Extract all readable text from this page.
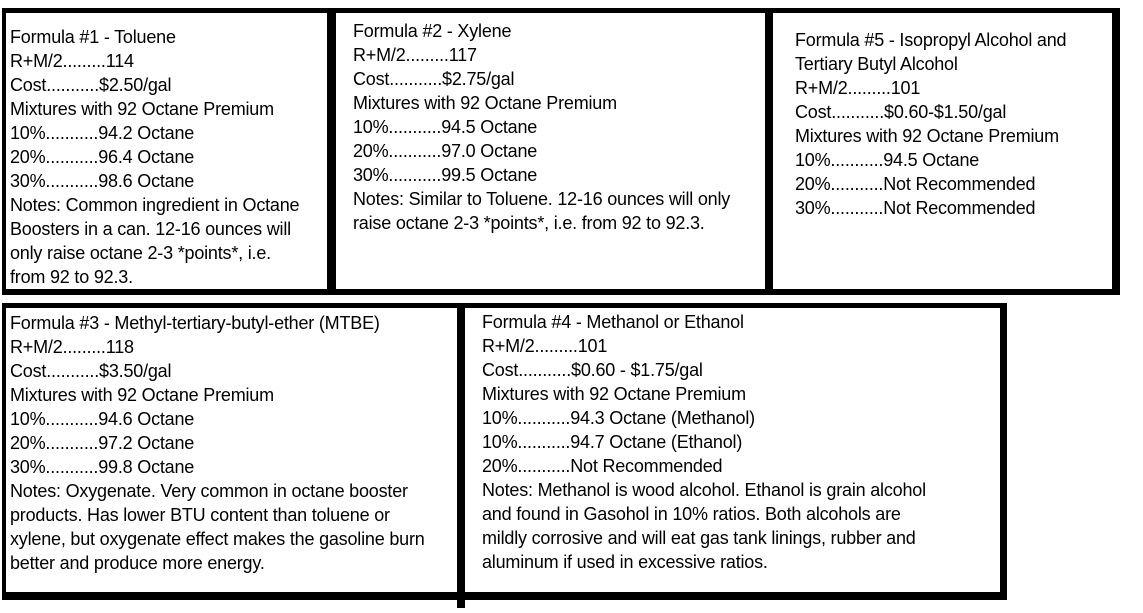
Formula #1 - Toluene
R+M/2.........114
Cost...........$2.50/gal
Mixtures with 92 Octane Premium
10%...........94.2 Octane
20%...........96.4 Octane
30%...........98.6 Octane
Notes: Common ingredient in Octane
Boosters in a can. 12-16 ounces will
only raise octane 2-3 *points*, i.e.
from 92 to 92.3.
Formula #2 - Xylene
R+M/2.........117
Cost...........$2.75/gal
Mixtures with 92 Octane Premium
10%...........94.5 Octane
20%...........97.0 Octane
30%...........99.5 Octane
Notes: Similar to Toluene. 12-16 ounces will only
raise octane 2-3 *points*, i.e. from 92 to 92.3.
Formula #5 - Isopropyl Alcohol and
Tertiary Butyl Alcohol
R+M/2.........101
Cost...........$0.60-$1.50/gal
Mixtures with 92 Octane Premium
10%...........94.5 Octane
20%...........Not Recommended
30%...........Not Recommended
Formula #3 - Methyl-tertiary-butyl-ether (MTBE)
R+M/2.........118
Cost...........$3.50/gal
Mixtures with 92 Octane Premium
10%...........94.6 Octane
20%...........97.2 Octane
30%...........99.8 Octane
Notes: Oxygenate. Very common in octane booster
products. Has lower BTU content than toluene or
xylene, but oxygenate effect makes the gasoline burn
better and produce more energy.
Formula #4 - Methanol or Ethanol
R+M/2.........101
Cost...........$0.60 - $1.75/gal
Mixtures with 92 Octane Premium
10%...........94.3 Octane (Methanol)
10%...........94.7 Octane (Ethanol)
20%...........Not Recommended
Notes: Methanol is wood alcohol. Ethanol is grain alcohol
and found in Gasohol in 10% ratios. Both alcohols are
mildly corrosive and will eat gas tank linings, rubber and
aluminum if used in excessive ratios.
